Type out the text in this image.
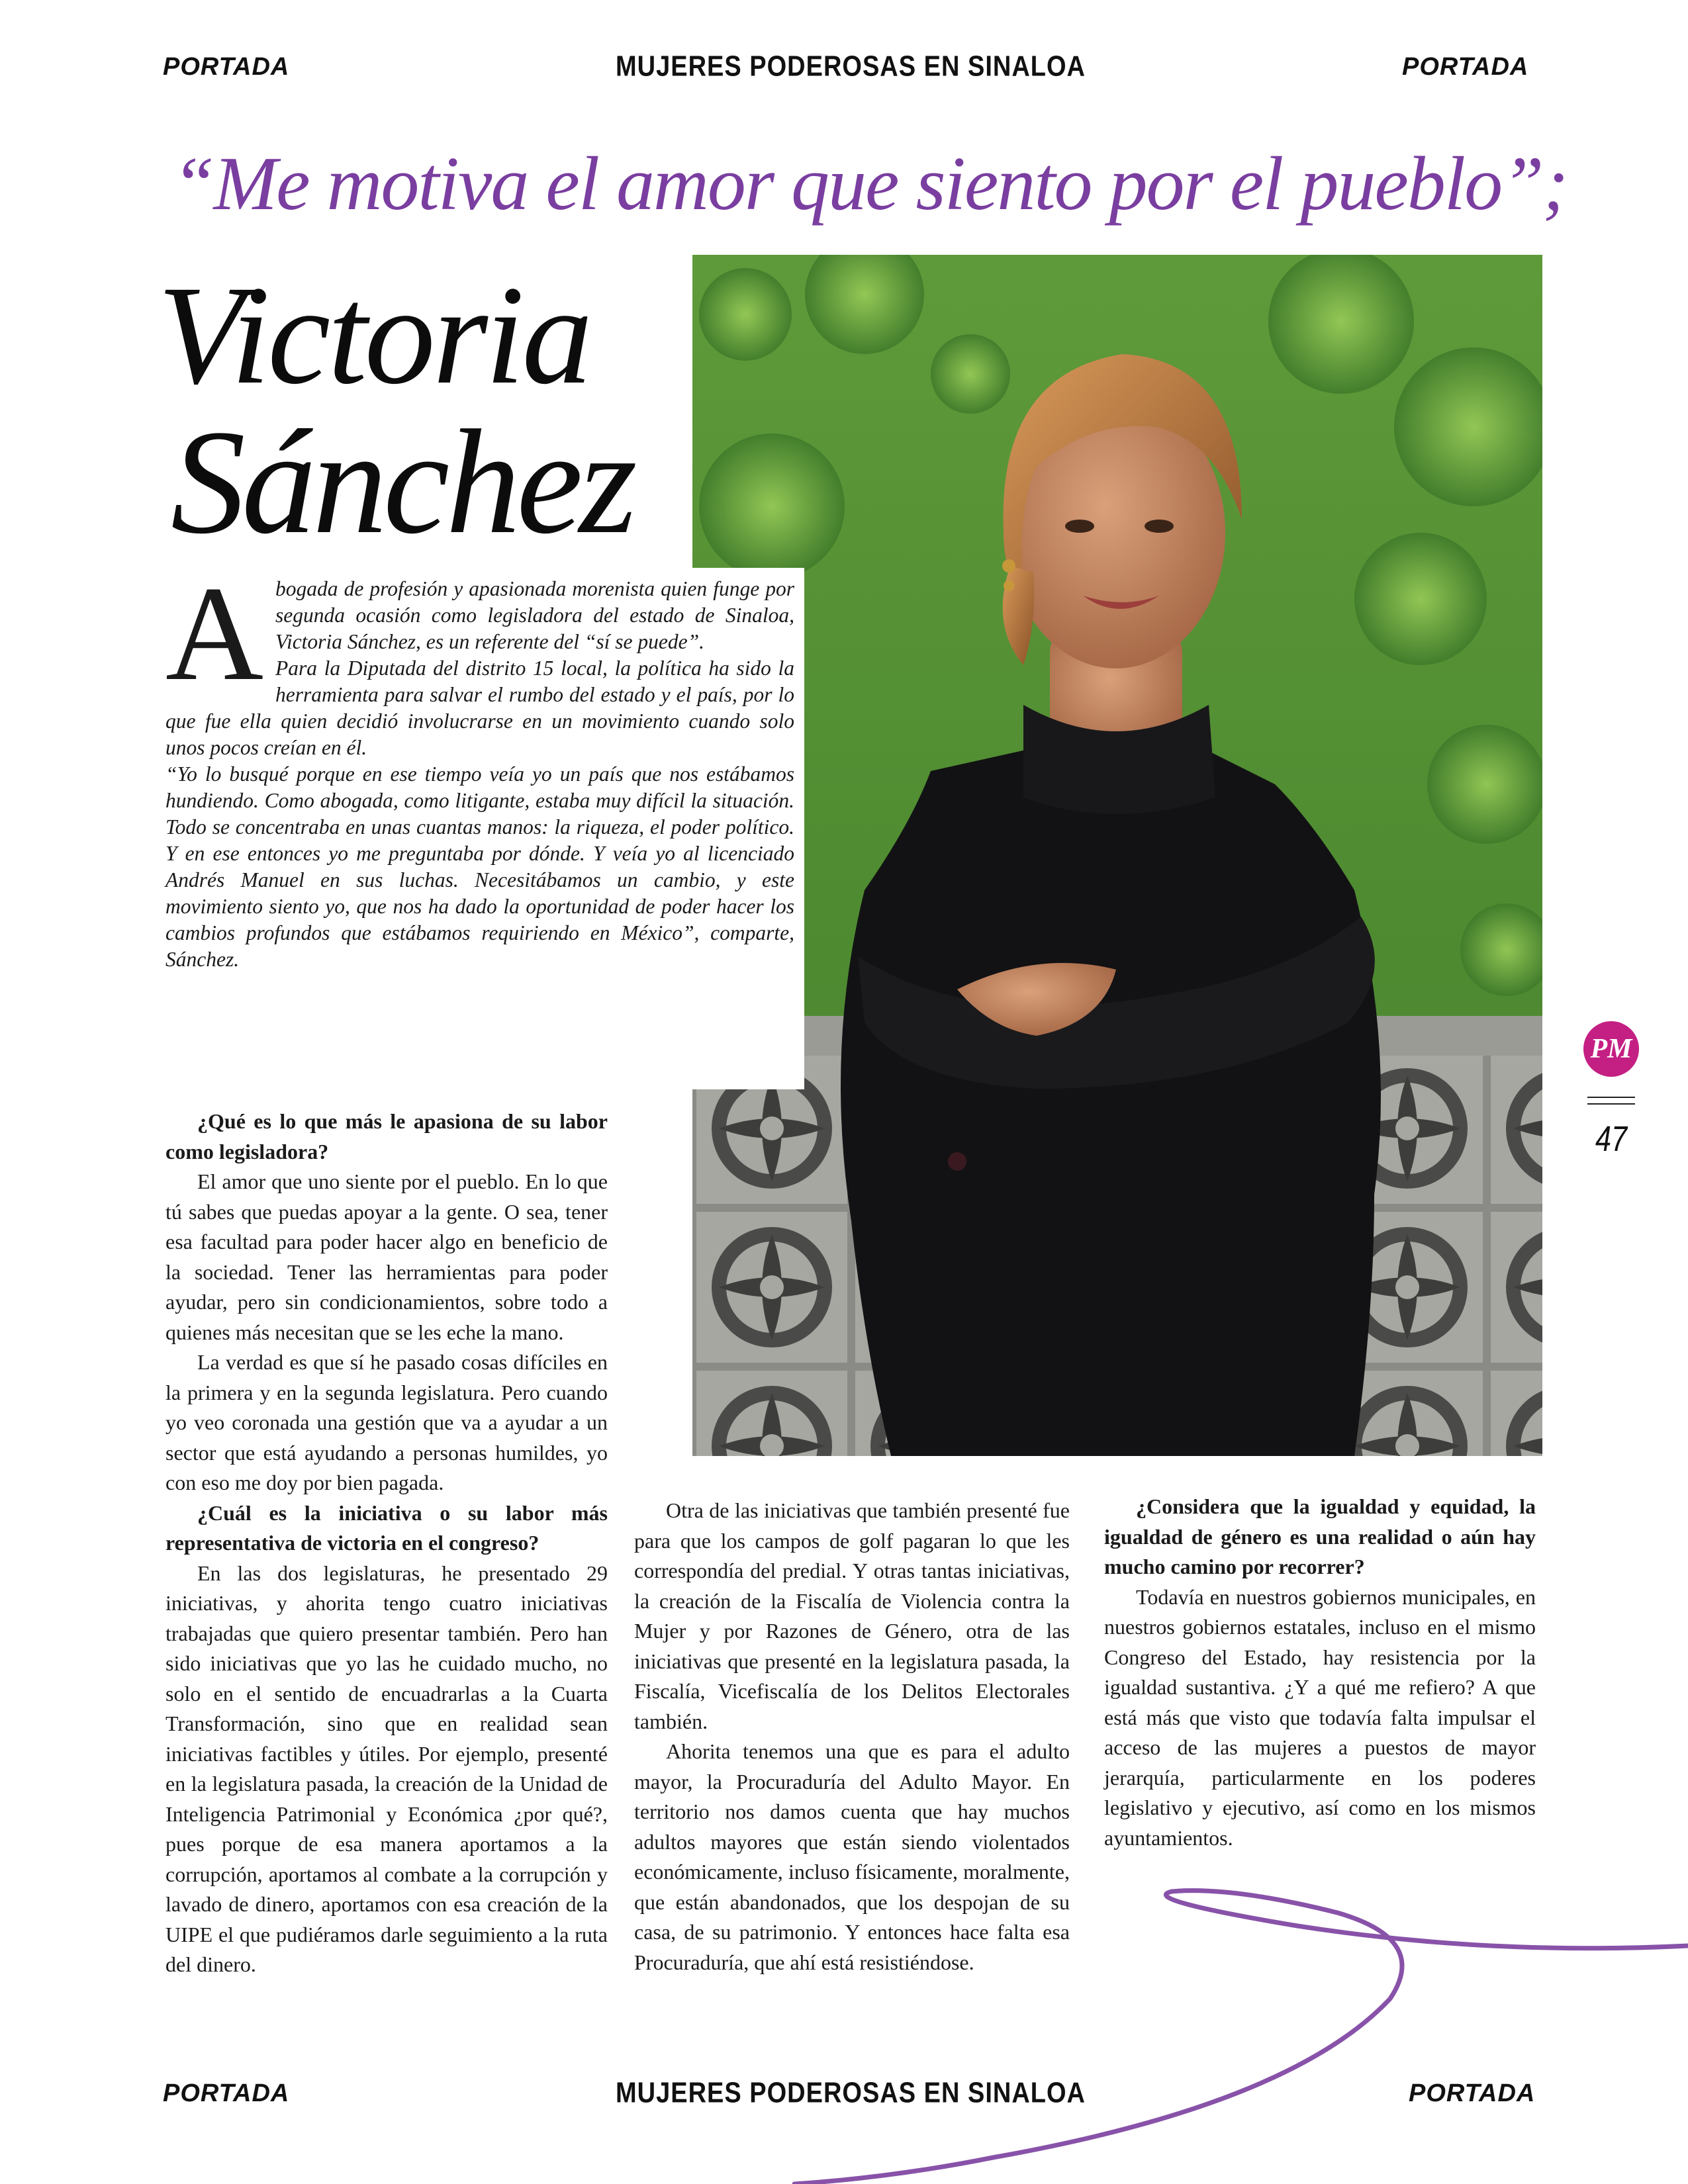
PORTADA	MUJERES PODEROSAS EN SINALOA	PORTADA
“Me motiva el amor que siento por el pueblo”;
Victoria
Sánchez
A bogada de profesión y apasionada morenista quien funge por segunda ocasión como legisladora del estado de Sinaloa, Victoria Sánchez, es un referente del “sí se puede”.

Para la Diputada del distrito 15 local, la política ha sido la herramienta para salvar el rumbo del estado y el país, por lo que fue ella quien decidió involucrarse en un movimiento cuando solo unos pocos creían en él.

“Yo lo busqué porque en ese tiempo veía yo un país que nos estábamos hundiendo. Como abogada, como litigante, estaba muy difícil la situación. Todo se concentraba en unas cuantas manos: la riqueza, el poder político. Y en ese entonces yo me preguntaba por dónde. Y veía yo al licenciado Andrés Manuel en sus luchas. Necesitábamos un cambio, y este movimiento siento yo, que nos ha dado la oportunidad de poder hacer los cambios profundos que estábamos requiriendo en México”, comparte, Sánchez.

¿Qué es lo que más le apasiona de su labor como legisladora?

El amor que uno siente por el pueblo. En lo que tú sabes que puedas apoyar a la gente. O sea, tener esa facultad para poder hacer algo en beneficio de la sociedad. Tener las herramientas para poder ayudar, pero sin condicionamientos, sobre todo a quienes más necesitan que se les eche la mano.

La verdad es que sí he pasado cosas difíciles en la primera y en la segunda legislatura. Pero cuando yo veo coronada una gestión que va a ayudar a un sector que está ayudando a personas humildes, yo con eso me doy por bien pagada.

¿Cuál es la iniciativa o su labor más representativa de victoria en el congreso?

En las dos legislaturas, he presentado 29 iniciativas, y ahorita tengo cuatro iniciativas trabajadas que quiero presentar también. Pero han sido iniciativas que yo las he cuidado mucho, no solo en el sentido de encuadrarlas a la Cuarta Transformación, sino que en realidad sean iniciativas factibles y útiles. Por ejemplo, presenté en la legislatura pasada, la creación de la Unidad de Inteligencia Patrimonial y Económica ¿por qué?, pues porque de esa manera aportamos a la corrupción, aportamos al combate a la corrupción y lavado de dinero, aportamos con esa creación de la UIPE el que pudiéramos darle seguimiento a la ruta del dinero.

Otra de las iniciativas que también presenté fue para que los campos de golf pagaran lo que les correspondía del predial. Y otras tantas iniciativas, la creación de la Fiscalía de Violencia contra la Mujer y por Razones de Género, otra de las iniciativas que presenté en la legislatura pasada, la Fiscalía, Vicefiscalía de los Delitos Electorales también.

Ahorita tenemos una que es para el adulto mayor, la Procuraduría del Adulto Mayor. En territorio nos damos cuenta que hay muchos adultos mayores que están siendo violentados económicamente, incluso físicamente, moralmente, que están abandonados, que los despojan de su casa, de su patrimonio. Y entonces hace falta esa Procuraduría, que ahí está resistiéndose.

¿Considera que la igualdad y equidad, la igualdad de género es una realidad o aún hay mucho camino por recorrer?

Todavía en nuestros gobiernos municipales, en nuestros gobiernos estatales, incluso en el mismo Congreso del Estado, hay resistencia por la igualdad sustantiva. ¿Y a qué me refiero? A que está más que visto que todavía falta impulsar el acceso de las mujeres a puestos de mayor jerarquía, particularmente en los poderes legislativo y ejecutivo, así como en los mismos ayuntamientos.

PM
47
PORTADA	MUJERES PODEROSAS EN SINALOA	PORTADA
